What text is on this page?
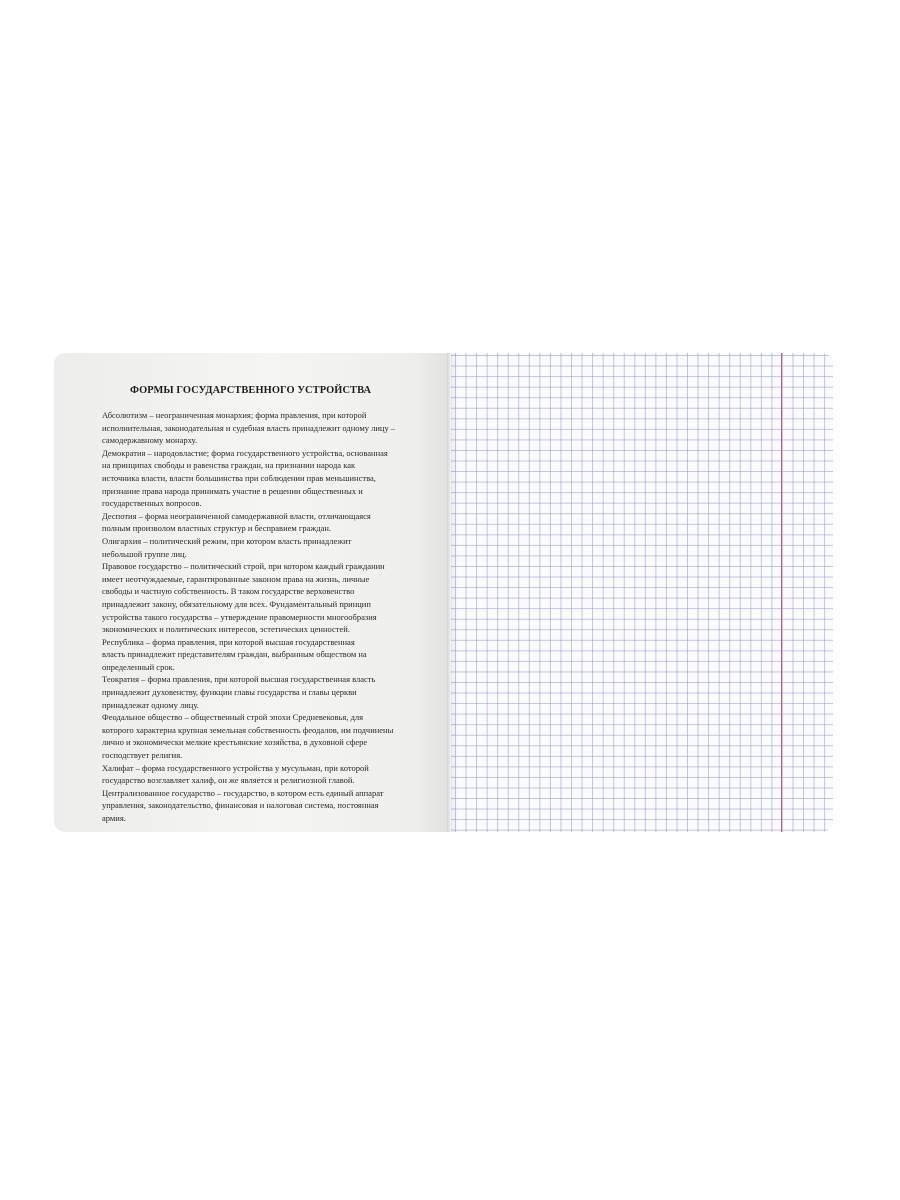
ФОРМЫ ГОСУДАРСТВЕННОГО УСТРОЙСТВА
Абсолютизм – неограниченная монархия; форма правления, при которой
исполнительная, законодательная и судебная власть принадлежит одному лицу –
самодержавному монарху.
Демократия – народовластие; форма государственного устройства, основанная
на принципах свободы и равенства граждан, на признании народа как
источника власти, власти большинства при соблюдении прав меньшинства,
признание права народа принимать участие в решении общественных и
государственных вопросов.
Деспотия – форма неограниченной самодержавной власти, отличающаяся
полным произволом властных структур и бесправием граждан.
Олигархия – политический режим, при котором власть принадлежит
небольшой группе лиц.
Правовое государство – политический строй, при котором каждый гражданин
имеет неотчуждаемые, гарантированные законом права на жизнь, личные
свободы и частную собственность. В таком государстве верховенство
принадлежит закону, обязательному для всех. Фундаментальный принцип
устройства такого государства – утверждение правомерности многообразия
экономических и политических интересов, эстетических ценностей.
Республика – форма правления, при которой высшая государственная
власть принадлежит представителям граждан, выбранным обществом на
определенный срок.
Теократия – форма правления, при которой высшая государственная власть
принадлежит духовенству, функции главы государства и главы церкви
принадлежат одному лицу.
Феодальное общество – общественный строй эпохи Средневековья, для
которого характерна крупная земельная собственность феодалов, им подчинены
лично и экономически мелкие крестьянские хозяйства, в духовной сфере
господствует религия.
Халифат – форма государственного устройства у мусульман, при которой
государство возглавляет халиф, он же является и религиозной главой.
Централизованное государство – государство, в котором есть единый аппарат
управления, законодательство, финансовая и налоговая система, постоянная
армия.
